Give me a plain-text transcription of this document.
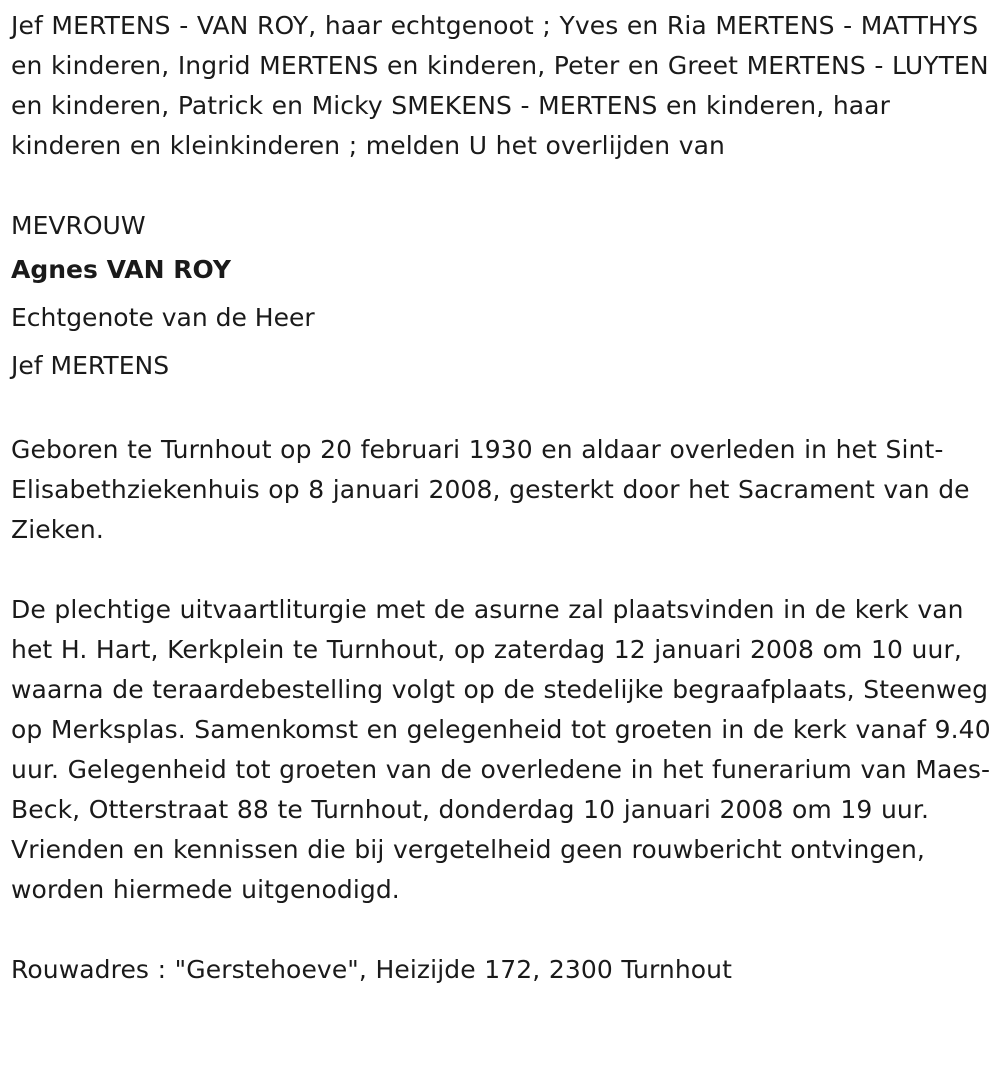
Jef MERTENS - VAN ROY, haar echtgenoot ; Yves en Ria MERTENS - MATTHYS en kinderen, Ingrid MERTENS en kinderen, Peter en Greet MERTENS - LUYTEN en kinderen, Patrick en Micky SMEKENS - MERTENS en kinderen, haar kinderen en kleinkinderen ; melden U het overlijden van

MEVROUW

Agnes VAN ROY

Echtgenote van de Heer

Jef MERTENS

Geboren te Turnhout op 20 februari 1930 en aldaar overleden in het Sint-Elisabethziekenhuis op 8 januari 2008, gesterkt door het Sacrament van de Zieken.

De plechtige uitvaartliturgie met de asurne zal plaatsvinden in de kerk van het H. Hart, Kerkplein te Turnhout, op zaterdag 12 januari 2008 om 10 uur, waarna de teraardebestelling volgt op de stedelijke begraafplaats, Steenweg op Merksplas. Samenkomst en gelegenheid tot groeten in de kerk vanaf 9.40 uur. Gelegenheid tot groeten van de overledene in het funerarium van Maes-Beck, Otterstraat 88 te Turnhout, donderdag 10 januari 2008 om 19 uur. Vrienden en kennissen die bij vergetelheid geen rouwbericht ontvingen, worden hiermede uitgenodigd.

Rouwadres : "Gerstehoeve", Heizijde 172, 2300 Turnhout
